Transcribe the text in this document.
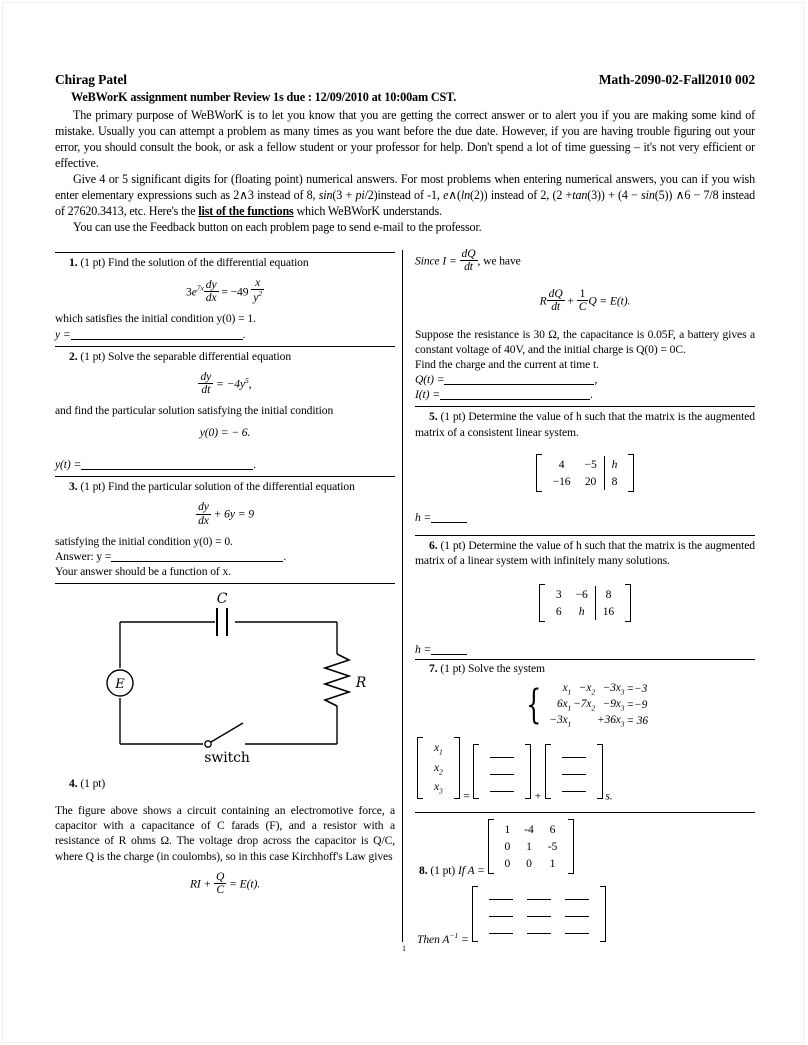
Chirag Patel	Math-2090-02-Fall2010 002
WeBWorK assignment number Review 1s due : 12/09/2010 at 10:00am CST.

The primary purpose of WeBWorK is to let you know that you are getting the correct answer or to alert you if you are making some kind of mistake. Usually you can attempt a problem as many times as you want before the due date. However, if you are having trouble figuring out your error, you should consult the book, or ask a fellow student or your professor for help. Don't spend a lot of time guessing – it's not very efficient or effective.

Give 4 or 5 significant digits for (floating point) numerical answers. For most problems when entering numerical answers, you can if you wish enter elementary expressions such as 2∧3 instead of 8, sin(3 + pi/2)instead of -1, e∧(ln(2)) instead of 2, (2 +tan(3)) + (4 − sin(5)) ∧6 − 7/8 instead of 27620.3413, etc. Here's the list of the functions which WeBWorK understands.

You can use the Feedback button on each problem page to send e-mail to the professor.

1. (1 pt) Find the solution of the differential equation
$3e^{7x} \frac{dy}{dx} = -49 \frac{x}{y^2}$
which satisfies the initial condition y(0) = 1.
y =	.
2. (1 pt) Solve the separable differential equation
$\frac{dy}{dt} = -4y^5$,
and find the particular solution satisfying the initial condition
y(0) = − 6.
y(t) =	.
3. (1 pt) Find the particular solution of the differential equation
$\frac{dy}{dx} + 6y = 9$
satisfying the initial condition y(0) = 0.
Answer: y =	.
Your answer should be a function of x.
C
E	R
switch
4. (1 pt)
The figure above shows a circuit containing an electromotive force, a capacitor with a capacitance of C farads (F), and a resistor with a resistance of R ohms Ω. The voltage drop across the capacitor is Q/C, where Q is the charge (in coulombs), so in this case Kirchhoff's Law gives
RI + $\frac{Q}{C} = E(t)$.
Since $I = \frac{dQ}{dt}$ , we have
R $\frac{dQ}{dt} + \frac{1}{C}$ Q = E(t).
Suppose the resistance is 30 Ω, the capacitance is 0.05F, a battery gives a constant voltage of 40V, and the initial charge is Q(0) = 0C.
Find the charge and the current at time t.
Q(t) =	,
I(t) =	.
5. (1 pt) Determine the value of h such that the matrix is the augmented matrix of a consistent linear system.
4	−5	h
−16	20	8
h =
6. (1 pt) Determine the value of h such that the matrix is the augmented matrix of a linear system with infinitely many solutions.
3	−6	8
6	h	16
h =
7. (1 pt) Solve the system
{ $x_1$	$-x_2$	$-3x_3$	=−3
$6x_1$	$-7x_2$	$-9x_3$	=−9
$-3x_1$		$+36x_3$	= 36
$x_1$
$x_2$
$x_3$ =	+	s.
8. (1 pt) If A =
1	-4	6
0	1	-5
0	0	1
Then $A^{-1}$ =

1
